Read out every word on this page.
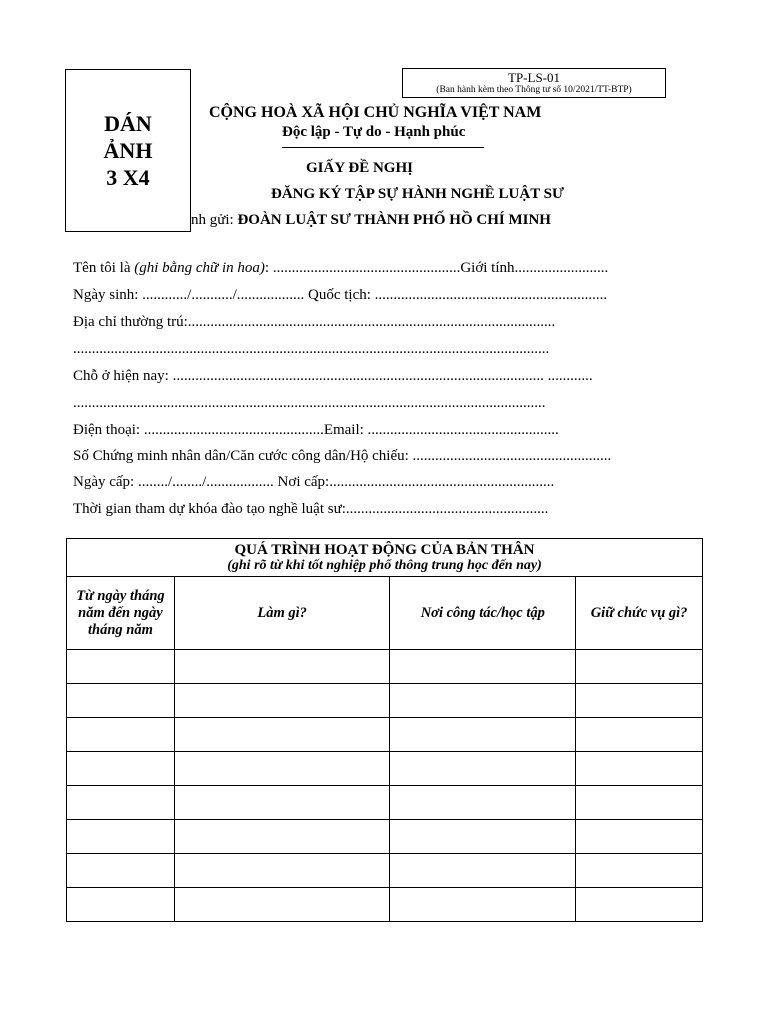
DÁN
ẢNH
3 X4
TP-LS-01
(Ban hành kèm theo Thông tư số 10/2021/TT-BTP)
CỘNG HOÀ XÃ HỘI CHỦ NGHĨA VIỆT NAM
Độc lập - Tự do - Hạnh phúc
GIẤY ĐỀ NGHỊ
ĐĂNG KÝ TẬP SỰ HÀNH NGHỀ LUẬT SƯ
nh gửi: ĐOÀN LUẬT SƯ THÀNH PHỐ HỒ CHÍ MINH
Tên tôi là (ghi bằng chữ in hoa): ..................................................Giới tính.........................
Ngày sinh: ............/.........../.................. Quốc tịch: ..............................................................
Địa chỉ thường trú:..................................................................................................
...............................................................................................................................
Chỗ ở hiện nay: ................................................................................................... ............
..............................................................................................................................
Điện thoại: ................................................Email: ...................................................
Số Chứng minh nhân dân/Căn cước công dân/Hộ chiếu: .....................................................
Ngày cấp: ......../......../.................. Nơi cấp:............................................................
Thời gian tham dự khóa đào tạo nghề luật sư:......................................................
QUÁ TRÌNH HOẠT ĐỘNG CỦA BẢN THÂN
(ghi rõ từ khi tốt nghiệp phổ thông trung học đến nay)			

Từ ngày tháng năm đến ngày tháng năm	Làm gì?	Nơi công tác/học tập	Giữ chức vụ gì?
